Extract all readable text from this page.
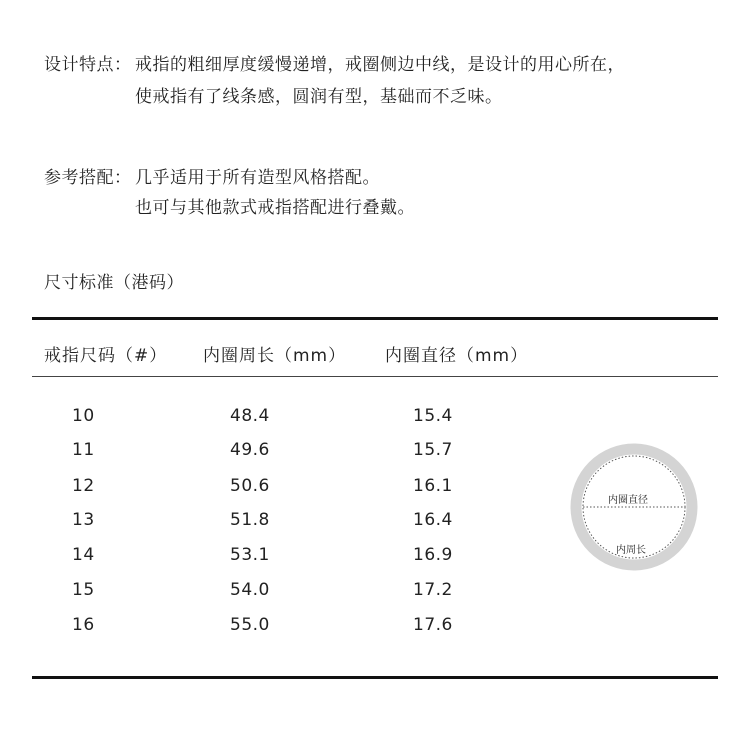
设计特点： 戒指的粗细厚度缓慢递增，戒圈侧边中线，是设计的用心所在，
使戒指有了线条感，圆润有型，基础而不乏味。
参考搭配： 几乎适用于所有造型风格搭配。
也可与其他款式戒指搭配进行叠戴。
尺寸标准（港码）
戒指尺码（#） 内圈周长（mm） 内圈直径（mm）
10	48.4	15.4
11	49.6	15.7
12	50.6	16.1
13	51.8	16.4
14	53.1	16.9
15	54.0	17.2
16	55.0	17.6
内圈直径
内周长
